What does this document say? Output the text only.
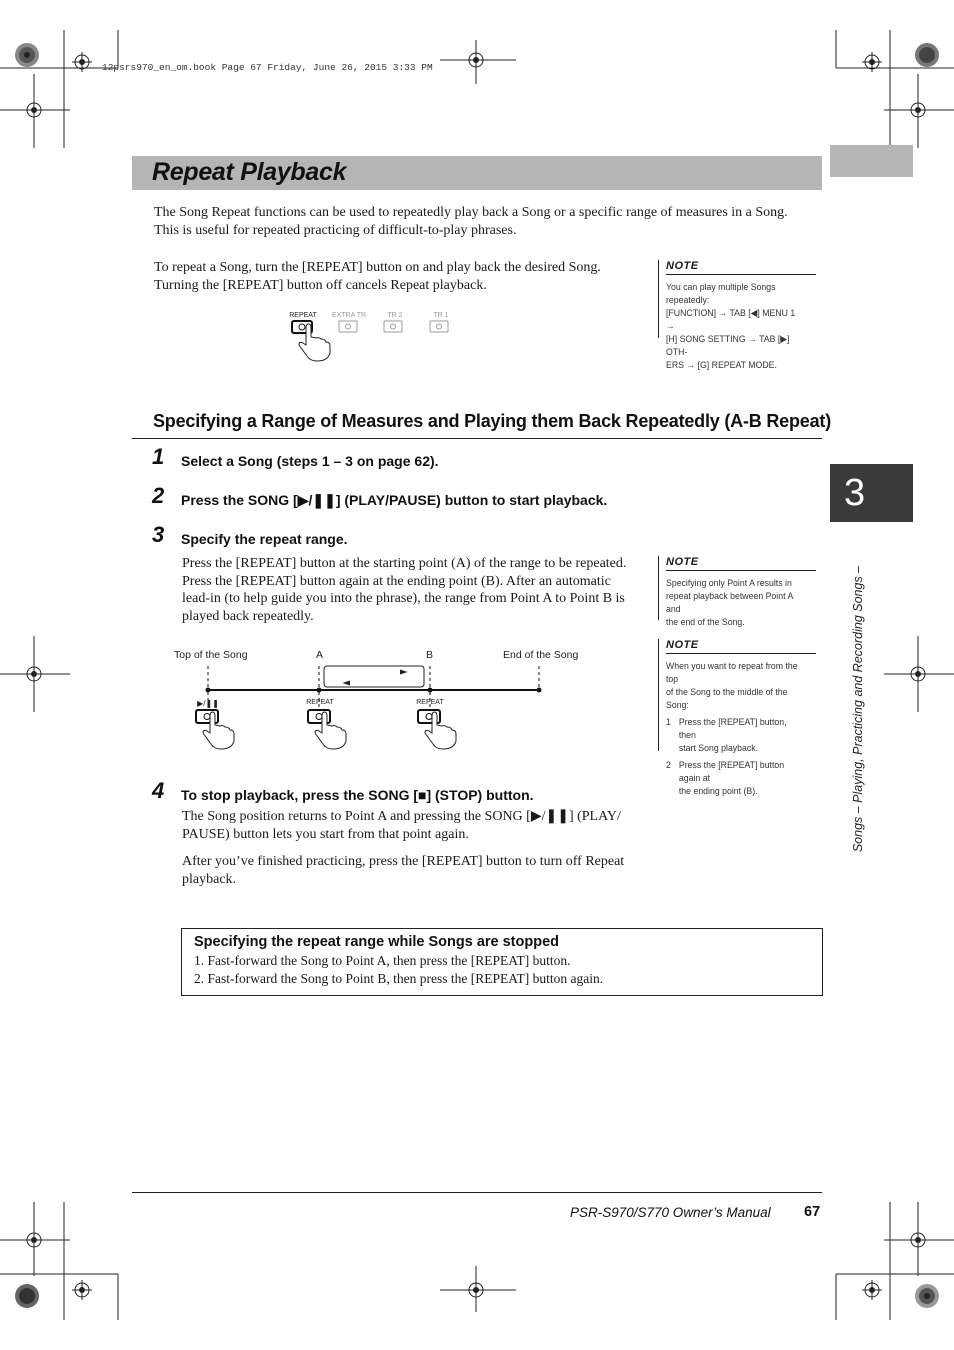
12psrs970_en_om.book Page 67 Friday, June 26, 2015 3:33 PM
3
Songs – Playing, Practicing and Recording Songs –
Repeat Playback
The Song Repeat functions can be used to repeatedly play back a Song or a specific range of measures in a Song.
This is useful for repeated practicing of difficult-to-play phrases.
To repeat a Song, turn the [REPEAT] button on and play back the desired Song.
Turning the [REPEAT] button off cancels Repeat playback.
REPEAT	EXTRA TR	TR 2	TR 1
NOTE
You can play multiple Songs repeatedly:
[FUNCTION] → TAB [◀] MENU 1 →
[H] SONG SETTING → TAB [▶] OTH-
ERS → [G] REPEAT MODE.
Specifying a Range of Measures and Playing them Back Repeatedly (A-B Repeat)
1 Select a Song (steps 1 – 3 on page 62).
2 Press the SONG [▶/❚❚] (PLAY/PAUSE) button to start playback.
3 Specify the repeat range.
Press the [REPEAT] button at the starting point (A) of the range to be repeated.
Press the [REPEAT] button again at the ending point (B). After an automatic
lead-in (to help guide you into the phrase), the range from Point A to Point B is
played back repeatedly.
NOTE
Specifying only Point A results in
repeat playback between Point A and
the end of the Song.
Top of the Song	A	B	End of the Song
▶/❚❚	REPEAT	REPEAT
NOTE
When you want to repeat from the top
of the Song to the middle of the Song:
1 Press the [REPEAT] button, then
start Song playback.
2 Press the [REPEAT] button again at
the ending point (B).
4 To stop playback, press the SONG [■] (STOP) button.
The Song position returns to Point A and pressing the SONG [▶/❚❚] (PLAY/
PAUSE) button lets you start from that point again.
After you’ve finished practicing, press the [REPEAT] button to turn off Repeat
playback.
Specifying the repeat range while Songs are stopped
1. Fast-forward the Song to Point A, then press the [REPEAT] button.
2. Fast-forward the Song to Point B, then press the [REPEAT] button again.
PSR-S970/S770 Owner’s Manual 67
